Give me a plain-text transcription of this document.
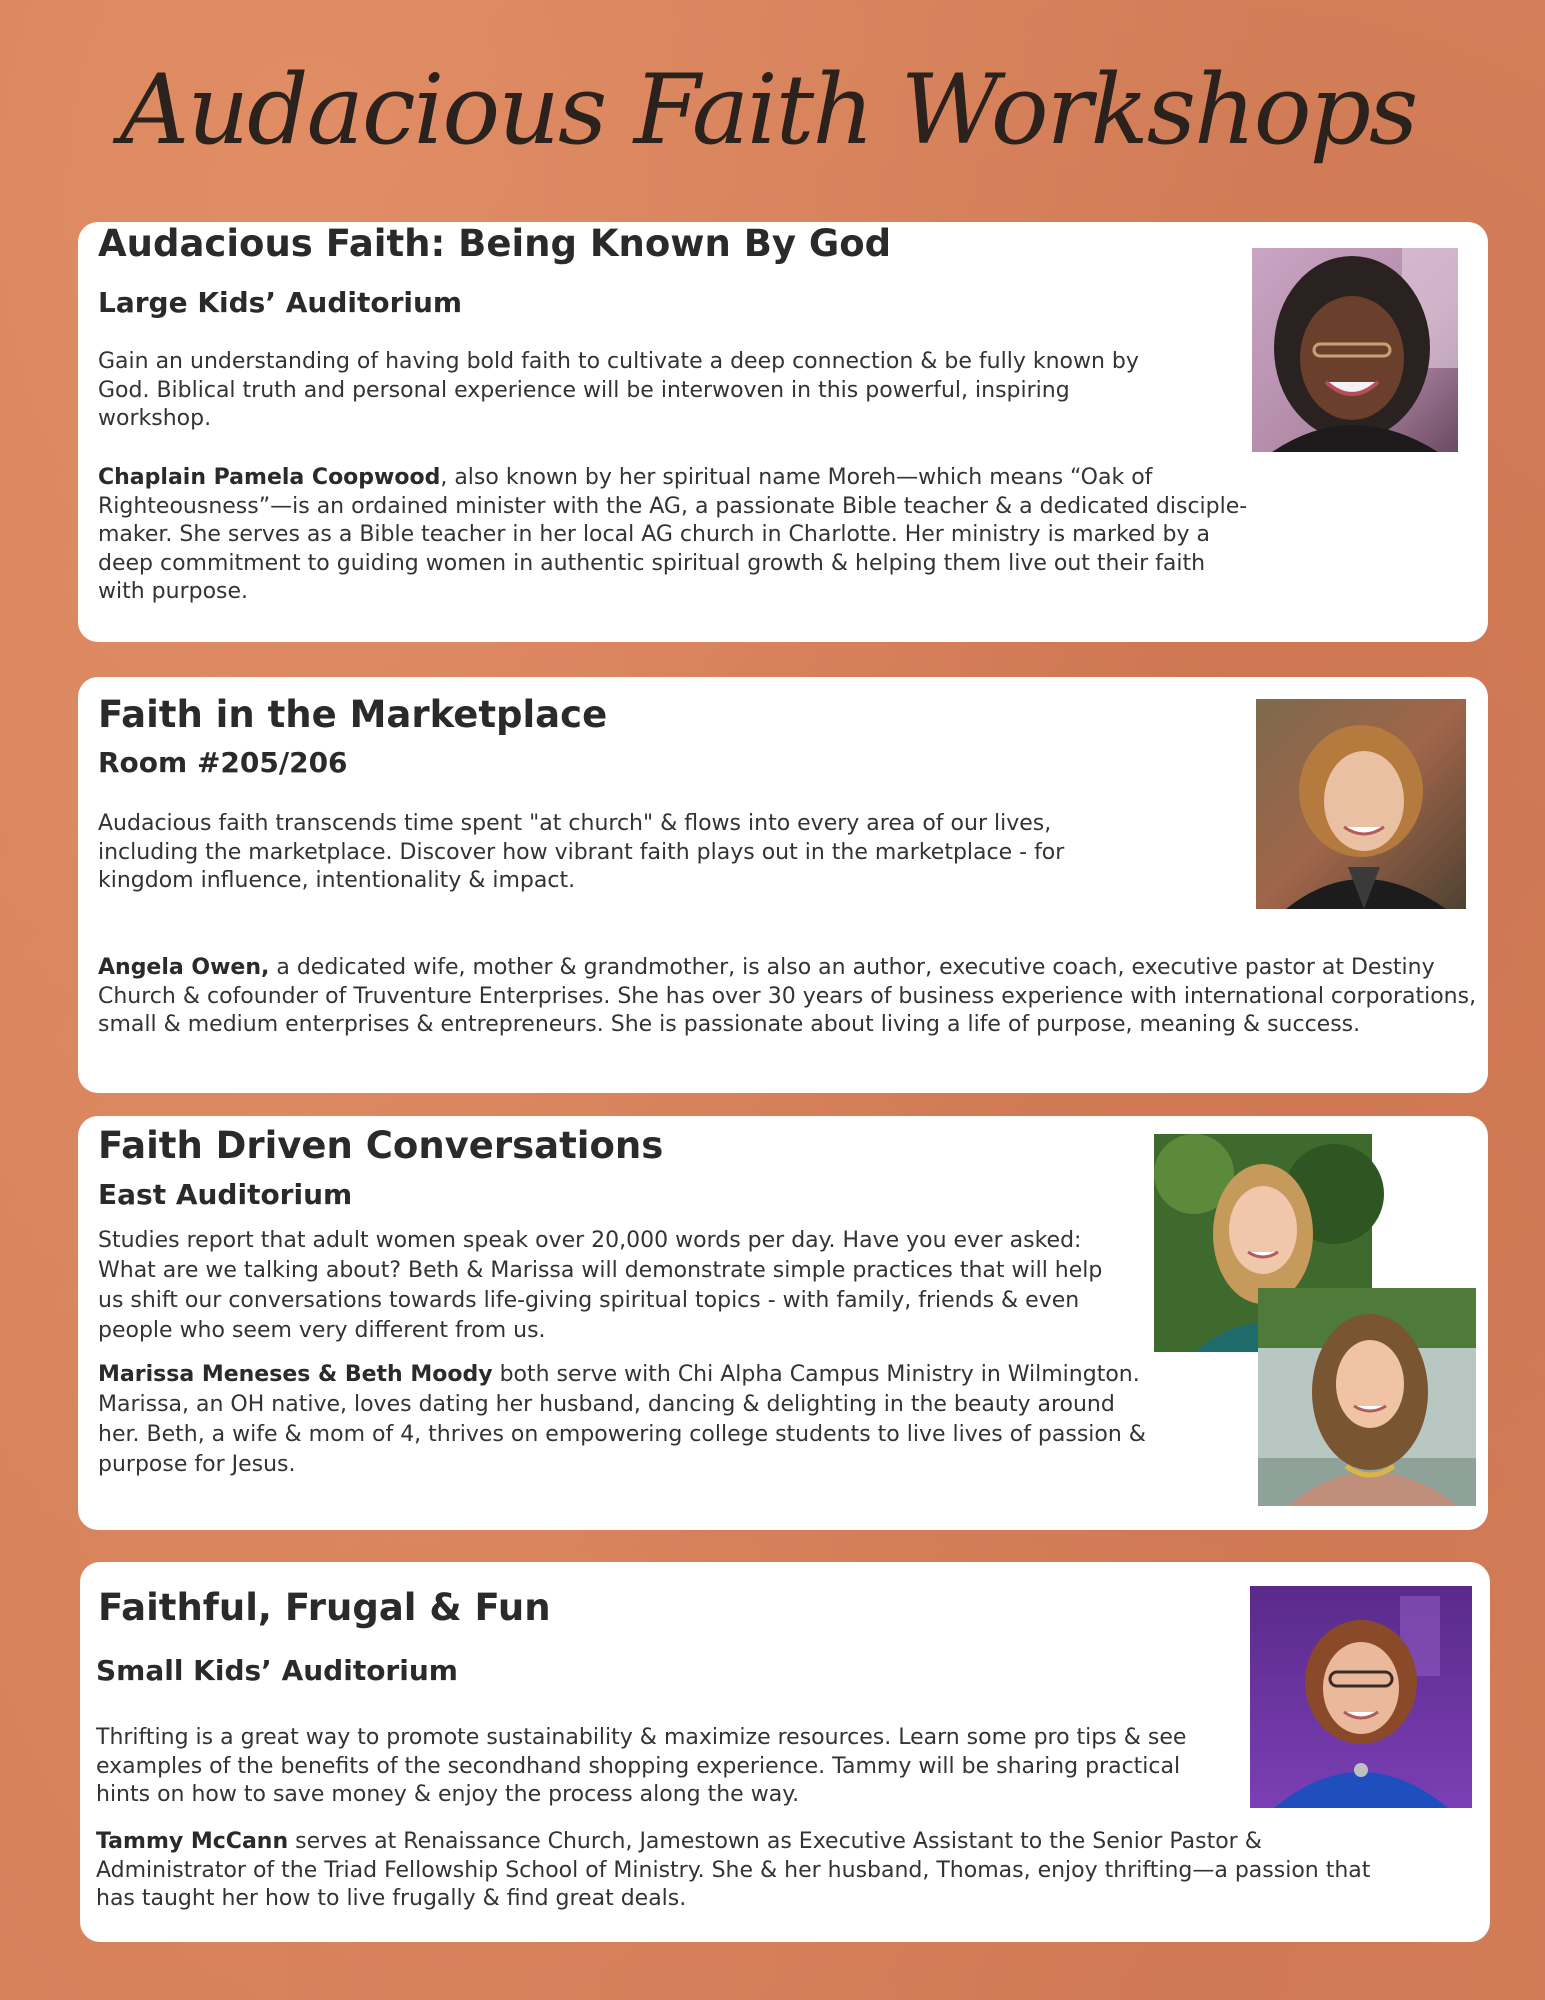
Audacious Faith Workshops
Audacious Faith: Being Known By God
Large Kids’ Auditorium

Gain an understanding of having bold faith to cultivate a deep connection & be fully known by God. Biblical truth and personal experience will be interwoven in this powerful, inspiring workshop.

Chaplain Pamela Coopwood, also known by her spiritual name Moreh—which means “Oak of Righteousness”—is an ordained minister with the AG, a passionate Bible teacher & a dedicated disciple-maker. She serves as a Bible teacher in her local AG church in Charlotte. Her ministry is marked by a deep commitment to guiding women in authentic spiritual growth & helping them live out their faith with purpose.

Faith in the Marketplace
Room #205/206

Audacious faith transcends time spent "at church" & flows into every area of our lives, including the marketplace. Discover how vibrant faith plays out in the marketplace - for kingdom influence, intentionality & impact.

Angela Owen, a dedicated wife, mother & grandmother, is also an author, executive coach, executive pastor at Destiny Church & cofounder of Truventure Enterprises. She has over 30 years of business experience with international corporations, small & medium enterprises & entrepreneurs. She is passionate about living a life of purpose, meaning & success.

Faith Driven Conversations
East Auditorium

Studies report that adult women speak over 20,000 words per day. Have you ever asked: What are we talking about? Beth & Marissa will demonstrate simple practices that will help us shift our conversations towards life-giving spiritual topics - with family, friends & even people who seem very different from us.

Marissa Meneses & Beth Moody both serve with Chi Alpha Campus Ministry in Wilmington. Marissa, an OH native, loves dating her husband, dancing & delighting in the beauty around her. Beth, a wife & mom of 4, thrives on empowering college students to live lives of passion & purpose for Jesus.

Faithful, Frugal & Fun
Small Kids’ Auditorium

Thrifting is a great way to promote sustainability & maximize resources. Learn some pro tips & see examples of the benefits of the secondhand shopping experience. Tammy will be sharing practical hints on how to save money & enjoy the process along the way.

Tammy McCann serves at Renaissance Church, Jamestown as Executive Assistant to the Senior Pastor & Administrator of the Triad Fellowship School of Ministry. She & her husband, Thomas, enjoy thrifting—a passion that has taught her how to live frugally & find great deals.
